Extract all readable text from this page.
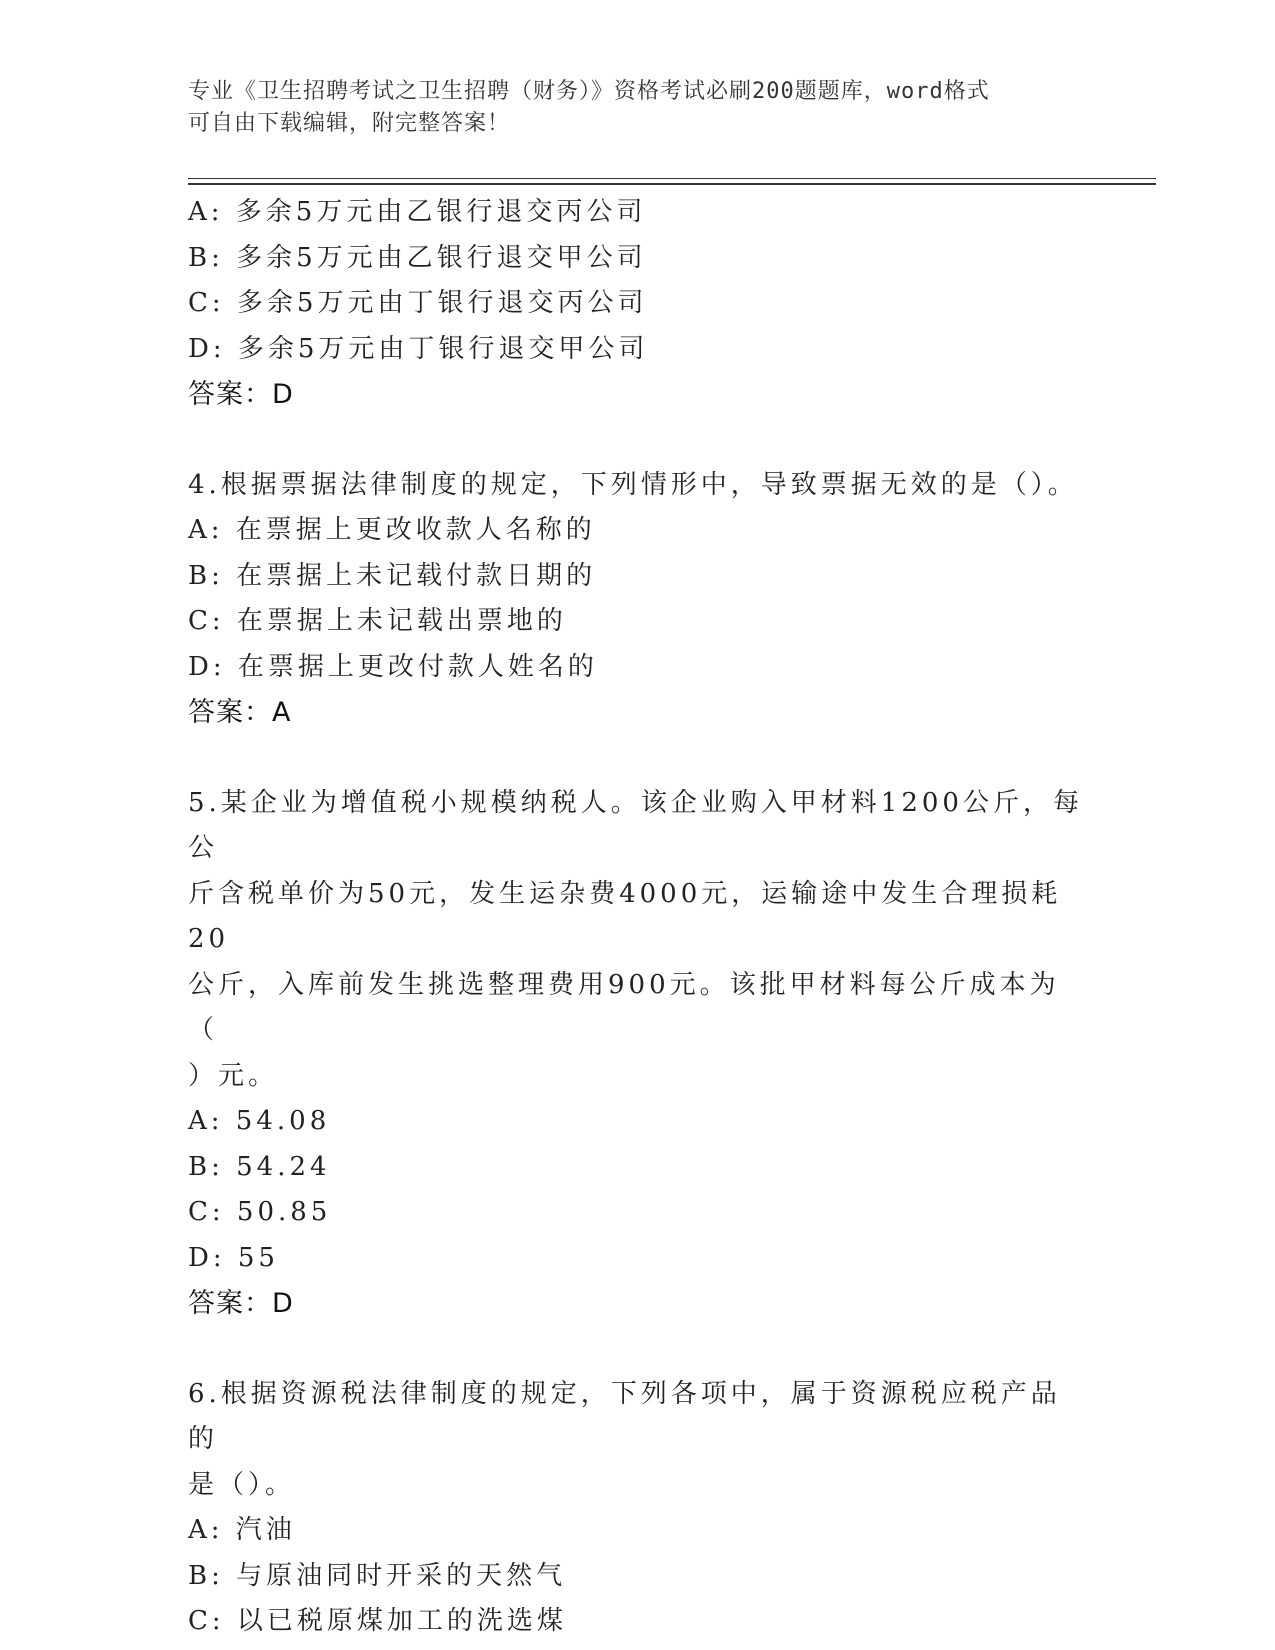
专业《卫生招聘考试之卫生招聘（财务）》资格考试必刷200题题库，word格式
可自由下载编辑，附完整答案！
A: 多余5万元由乙银行退交丙公司
B: 多余5万元由乙银行退交甲公司
C: 多余5万元由丁银行退交丙公司
D: 多余5万元由丁银行退交甲公司
答案：D
4.根据票据法律制度的规定，下列情形中，导致票据无效的是（）。
A: 在票据上更改收款人名称的
B: 在票据上未记载付款日期的
C: 在票据上未记载出票地的
D: 在票据上更改付款人姓名的
答案：A
5.某企业为增值税小规模纳税人。该企业购入甲材料1200公斤，每公
斤含税单价为50元，发生运杂费4000元，运输途中发生合理损耗20
公斤，入库前发生挑选整理费用900元。该批甲材料每公斤成本为（
）元。
A: 54.08
B: 54.24
C: 50.85
D: 55
答案：D
6.根据资源税法律制度的规定，下列各项中，属于资源税应税产品的
是（）。
A: 汽油
B: 与原油同时开采的天然气
C: 以已税原煤加工的洗选煤
